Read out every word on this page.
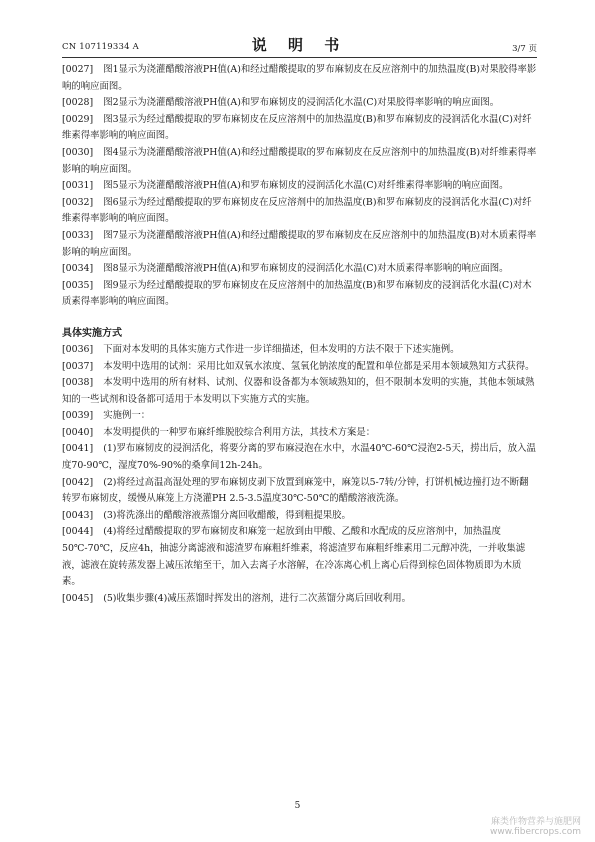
CN 107119334 A	说 明 书	3/7 页
[0027] 图1显示为浇灌醋酸溶液PH值(A)和经过醋酸提取的罗布麻韧皮在反应溶剂中的加热温度(B)对果胶得率影响的响应面图。
[0028] 图2显示为浇灌醋酸溶液PH值(A)和罗布麻韧皮的浸润活化水温(C)对果胶得率影响的响应面图。
[0029] 图3显示为经过醋酸提取的罗布麻韧皮在反应溶剂中的加热温度(B)和罗布麻韧皮的浸润活化水温(C)对纤维素得率影响的响应面图。
[0030] 图4显示为浇灌醋酸溶液PH值(A)和经过醋酸提取的罗布麻韧皮在反应溶剂中的加热温度(B)对纤维素得率影响的响应面图。
[0031] 图5显示为浇灌醋酸溶液PH值(A)和罗布麻韧皮的浸润活化水温(C)对纤维素得率影响的响应面图。
[0032] 图6显示为经过醋酸提取的罗布麻韧皮在反应溶剂中的加热温度(B)和罗布麻韧皮的浸润活化水温(C)对纤维素得率影响的响应面图。
[0033] 图7显示为浇灌醋酸溶液PH值(A)和经过醋酸提取的罗布麻韧皮在反应溶剂中的加热温度(B)对木质素得率影响的响应面图。
[0034] 图8显示为浇灌醋酸溶液PH值(A)和罗布麻韧皮的浸润活化水温(C)对木质素得率影响的响应面图。
[0035] 图9显示为经过醋酸提取的罗布麻韧皮在反应溶剂中的加热温度(B)和罗布麻韧皮的浸润活化水温(C)对木质素得率影响的响应面图。
具体实施方式
[0036] 下面对本发明的具体实施方式作进一步详细描述，但本发明的方法不限于下述实施例。
[0037] 本发明中选用的试剂：采用比如双氧水浓度、氢氧化钠浓度的配置和单位都是采用本领域熟知方式获得。
[0038] 本发明中选用的所有材料、试剂、仪器和设备都为本领域熟知的，但不限制本发明的实施，其他本领域熟知的一些试剂和设备都可适用于本发明以下实施方式的实施。
[0039] 实施例一：
[0040] 本发明提供的一种罗布麻纤维脱胶综合利用方法，其技术方案是：
[0041] (1)罗布麻韧皮的浸润活化，将要分离的罗布麻浸泡在水中，水温40℃-60℃浸泡2-5天，捞出后，放入温度70-90℃，湿度70%-90%的桑拿间12h-24h。
[0042] (2)将经过高温高湿处理的罗布麻韧皮剥下放置到麻笼中，麻笼以5-7转/分钟，打饼机械边撞打边不断翻转罗布麻韧皮，缓慢从麻笼上方浇灌PH 2.5-3.5温度30℃-50℃的醋酸溶液洗涤。
[0043] (3)将洗涤出的醋酸溶液蒸馏分离回收醋酸，得到粗提果胶。
[0044] (4)将经过醋酸提取的罗布麻韧皮和麻笼一起放到由甲酸、乙酸和水配成的反应溶剂中，加热温度50℃-70℃，反应4h，抽滤分离滤液和滤渣罗布麻粗纤维素，将滤渣罗布麻粗纤维素用二元醇冲洗，一并收集滤液，滤液在旋转蒸发器上减压浓缩至干，加入去离子水溶解，在冷冻离心机上离心后得到棕色固体物质即为木质素。
[0045] (5)收集步骤(4)减压蒸馏时挥发出的溶剂，进行二次蒸馏分离后回收利用。
5
麻类作物营养与施肥网
www.fibercrops.com
